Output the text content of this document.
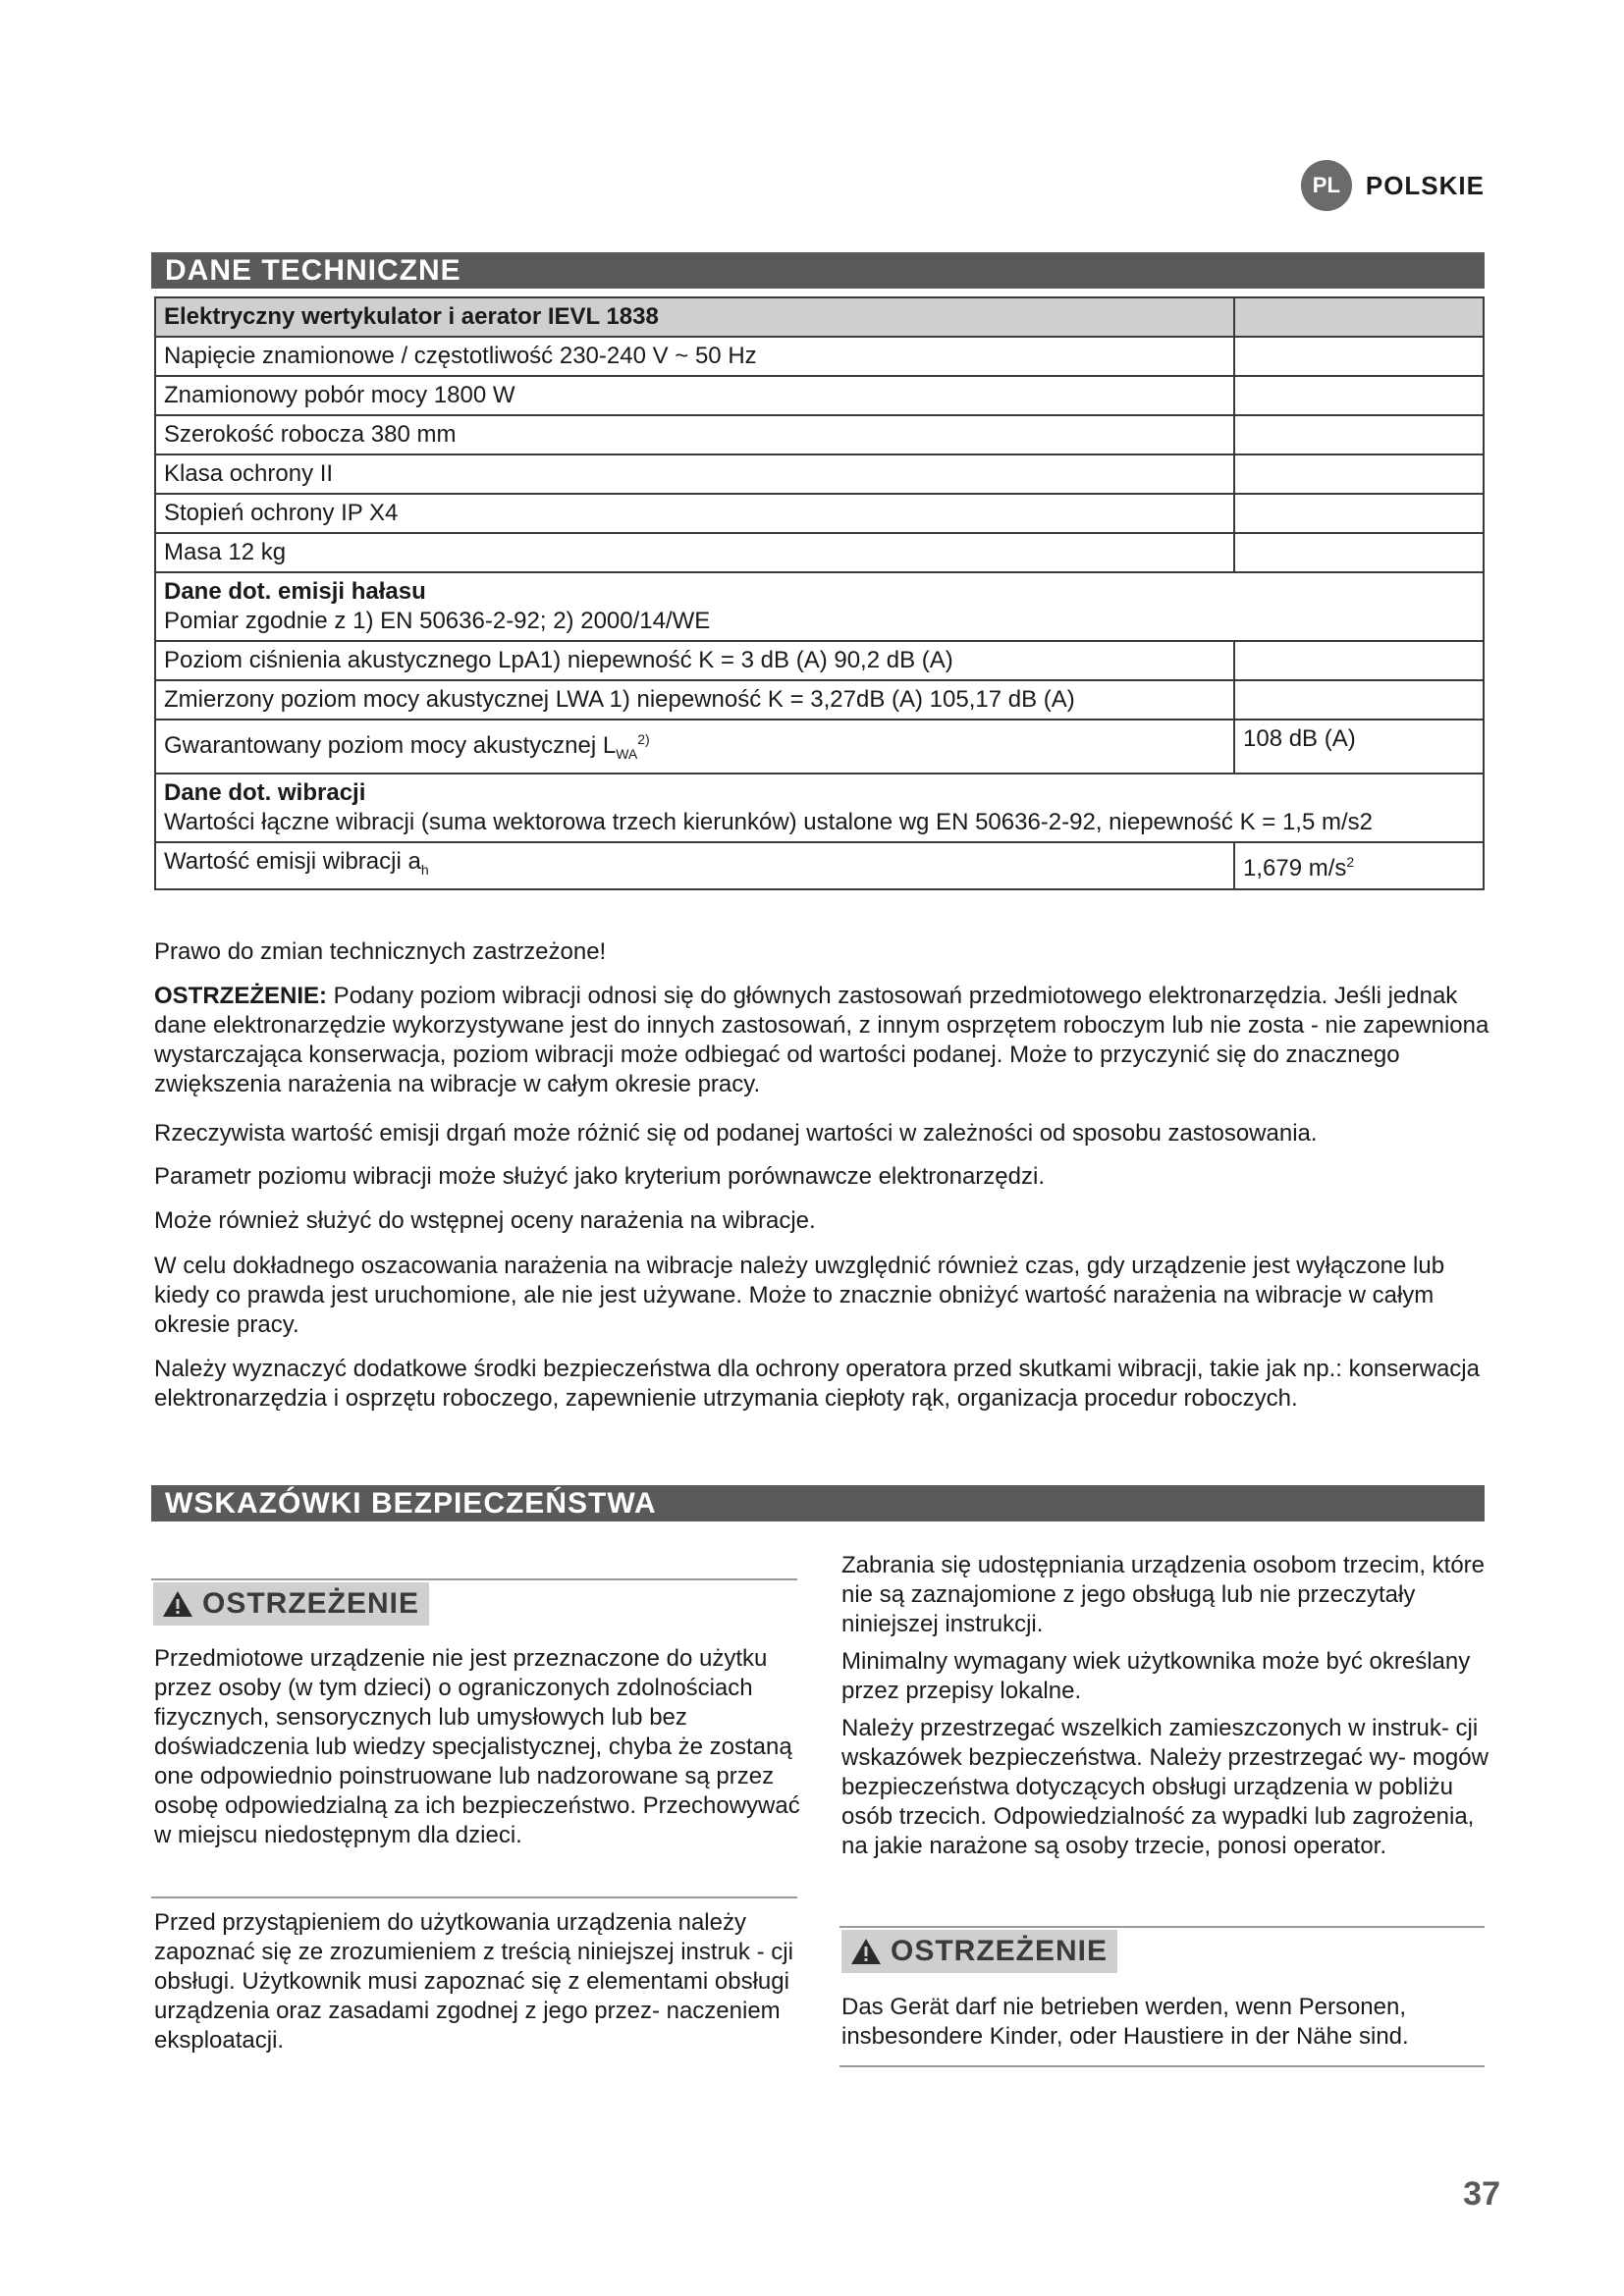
PL POLSKIE
DANE TECHNICZNE
Elektryczny wertykulator i aerator IEVL 1838	
Napięcie znamionowe / częstotliwość 230-240 V ~ 50 Hz	
Znamionowy pobór mocy 1800 W	
Szerokość robocza 380 mm	
Klasa ochrony II	
Stopień ochrony IP X4	
Masa 12 kg	

Dane dot. emisji hałasu
Pomiar zgodnie z 1) EN 50636-2-92; 2) 2000/14/WE	

Poziom ciśnienia akustycznego LpA1) niepewność K = 3 dB (A) 90,2 dB (A)	
Zmierzony poziom mocy akustycznej LWA 1) niepewność K = 3,27dB (A) 105,17 dB (A)	
Gwarantowany poziom mocy akustycznej $L_{WA}^{2)}$	108 dB (A)

Dane dot. wibracji
Wartości łączne wibracji (suma wektorowa trzech kierunków) ustalone wg EN 50636-2-92, niepewność K = 1,5 m/s2	

Wartość emisji wibracji $a_h$	1,679 $m/s^2$

Prawo do zmian technicznych zastrzeżone!

OSTRZEŻENIE: Podany poziom wibracji odnosi się do głównych zastosowań przedmiotowego elektronarzędzia. Jeśli jednak dane elektronarzędzie wykorzystywane jest do innych zastosowań, z innym osprzętem roboczym lub nie zosta - nie zapewniona wystarczająca konserwacja, poziom wibracji może odbiegać od wartości podanej. Może to przyczynić się do znacznego zwiększenia narażenia na wibracje w całym okresie pracy.

Rzeczywista wartość emisji drgań może różnić się od podanej wartości w zależności od sposobu zastosowania.

Parametr poziomu wibracji może służyć jako kryterium porównawcze elektronarzędzi.

Może również służyć do wstępnej oceny narażenia na wibracje.

W celu dokładnego oszacowania narażenia na wibracje należy uwzględnić również czas, gdy urządzenie jest wyłączone lub kiedy co prawda jest uruchomione, ale nie jest używane. Może to znacznie obniżyć wartość narażenia na wibracje w całym okresie pracy.

Należy wyznaczyć dodatkowe środki bezpieczeństwa dla ochrony operatora przed skutkami wibracji, takie jak np.: konserwacja elektronarzędzia i osprzętu roboczego, zapewnienie utrzymania ciepłoty rąk, organizacja procedur roboczych.

WSKAZÓWKI BEZPIECZEŃSTWA
OSTRZEŻENIE

Przedmiotowe urządzenie nie jest przeznaczone do użytku przez osoby (w tym dzieci) o ograniczonych zdolnościach fizycznych, sensorycznych lub umysłowych lub bez doświadczenia lub wiedzy specjalistycznej, chyba że zostaną one odpowiednio poinstruowane lub nadzorowane są przez osobę odpowiedzialną za ich bezpieczeństwo. Przechowywać w miejscu niedostępnym dla dzieci.

Przed przystąpieniem do użytkowania urządzenia należy zapoznać się ze zrozumieniem z treścią niniejszej instruk - cji obsługi. Użytkownik musi zapoznać się z elementami obsługi urządzenia oraz zasadami zgodnej z jego przez- naczeniem eksploatacji.

Zabrania się udostępniania urządzenia osobom trzecim, które nie są zaznajomione z jego obsługą lub nie przeczytały niniejszej instrukcji.

Minimalny wymagany wiek użytkownika może być określany przez przepisy lokalne.

Należy przestrzegać wszelkich zamieszczonych w instruk- cji wskazówek bezpieczeństwa. Należy przestrzegać wy- mogów bezpieczeństwa dotyczących obsługi urządzenia w pobliżu osób trzecich. Odpowiedzialność za wypadki lub zagrożenia, na jakie narażone są osoby trzecie, ponosi operator.

OSTRZEŻENIE

Das Gerät darf nie betrieben werden, wenn Personen, insbesondere Kinder, oder Haustiere in der Nähe sind.

37
